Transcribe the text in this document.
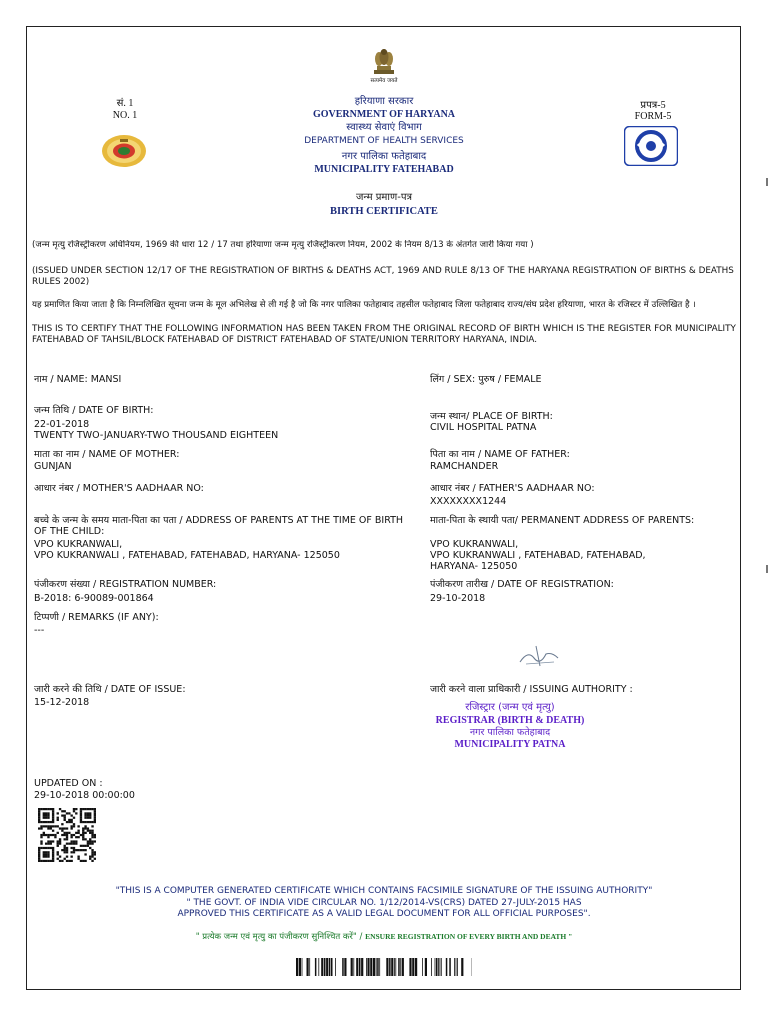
सत्यमेव जयते
सं. 1
NO. 1
प्रपत्र-5
FORM-5
हरियाणा सरकार
GOVERNMENT OF HARYANA
स्वास्थ्य सेवाएं विभाग
DEPARTMENT OF HEALTH SERVICES
नगर पालिका फतेहाबाद
MUNICIPALITY FATEHABAD
जन्म प्रमाण-पत्र
BIRTH CERTIFICATE
(जन्म मृत्यु रजिस्ट्रीकरण अधिनियम, 1969 की धारा 12 / 17 तथा हरियाणा जन्म मृत्यु रजिस्ट्रीकरण नियम, 2002 के नियम 8/13 के अंतर्गत जारी किया गया )
(ISSUED UNDER SECTION 12/17 OF THE REGISTRATION OF BIRTHS & DEATHS ACT, 1969 AND RULE 8/13 OF THE HARYANA REGISTRATION OF BIRTHS & DEATHS RULES 2002)
यह प्रमाणित किया जाता है कि निम्नलिखित सूचना जन्म के मूल अभिलेख से ली गई है जो कि नगर पालिका फतेहाबाद तहसील फतेहाबाद जिला फतेहाबाद राज्य/संघ प्रदेश हरियाणा, भारत के रजिस्टर में उल्लिखित है ।
THIS IS TO CERTIFY THAT THE FOLLOWING INFORMATION HAS BEEN TAKEN FROM THE ORIGINAL RECORD OF BIRTH WHICH IS THE REGISTER FOR MUNICIPALITY FATEHABAD OF TAHSIL/BLOCK FATEHABAD OF DISTRICT FATEHABAD OF STATE/UNION TERRITORY HARYANA, INDIA.
नाम / NAME: MANSI	लिंग / SEX: पुरुष / FEMALE
जन्म तिथि / DATE OF BIRTH:
22-01-2018
TWENTY TWO-JANUARY-TWO THOUSAND EIGHTEEN
जन्म स्थान/ PLACE OF BIRTH:
CIVIL HOSPITAL PATNA
माता का नाम / NAME OF MOTHER:
GUNJAN
पिता का नाम / NAME OF FATHER:
RAMCHANDER
आधार नंबर / MOTHER'S AADHAAR NO:	आधार नंबर / FATHER'S AADHAAR NO:
XXXXXXXX1244
बच्चे के जन्म के समय माता-पिता का पता / ADDRESS OF PARENTS AT THE TIME OF BIRTH OF THE CHILD:
VPO KUKRANWALI,
VPO KUKRANWALI , FATEHABAD, FATEHABAD, HARYANA- 125050
माता-पिता के स्थायी पता/ PERMANENT ADDRESS OF PARENTS:
VPO KUKRANWALI,
VPO KUKRANWALI , FATEHABAD, FATEHABAD,
HARYANA- 125050
पंजीकरण संख्या / REGISTRATION NUMBER:
B-2018: 6-90089-001864
पंजीकरण तारीख / DATE OF REGISTRATION:
29-10-2018
टिप्पणी / REMARKS (IF ANY):
---
जारी करने की तिथि / DATE OF ISSUE:
15-12-2018
जारी करने वाला प्राधिकारी / ISSUING AUTHORITY :
रजिस्ट्रार (जन्म एवं मृत्यु)
REGISTRAR (BIRTH & DEATH)
नगर पालिका फतेहाबाद
MUNICIPALITY PATNA
UPDATED ON :
29-10-2018 00:00:00
"THIS IS A COMPUTER GENERATED CERTIFICATE WHICH CONTAINS FACSIMILE SIGNATURE OF THE ISSUING AUTHORITY"
" THE GOVT. OF INDIA VIDE CIRCULAR NO. 1/12/2014-VS(CRS) DATED 27-JULY-2015 HAS
APPROVED THIS CERTIFICATE AS A VALID LEGAL DOCUMENT FOR ALL OFFICIAL PURPOSES".
" प्रत्येक जन्म एवं मृत्यु का पंजीकरण सुनिश्चित करें" / ENSURE REGISTRATION OF EVERY BIRTH AND DEATH "
